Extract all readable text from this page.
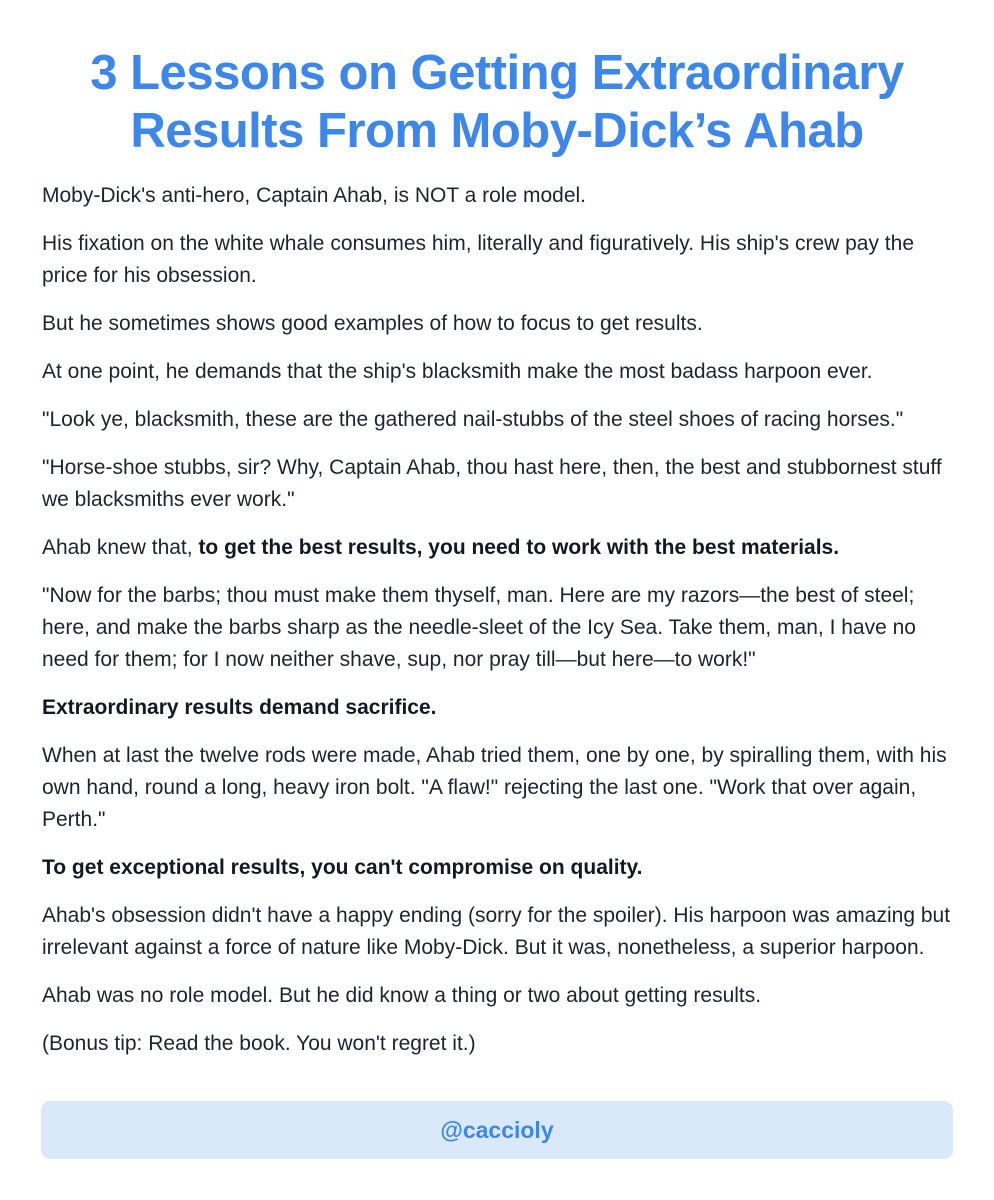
3 Lessons on Getting Extraordinary
Results From Moby-Dick’s Ahab

Moby-Dick's anti-hero, Captain Ahab, is NOT a role model.

His fixation on the white whale consumes him, literally and figuratively. His ship's crew pay the price for his obsession.

But he sometimes shows good examples of how to focus to get results.

At one point, he demands that the ship's blacksmith make the most badass harpoon ever.

"Look ye, blacksmith, these are the gathered nail-stubbs of the steel shoes of racing horses."

"Horse-shoe stubbs, sir? Why, Captain Ahab, thou hast here, then, the best and stubbornest stuff we blacksmiths ever work."

Ahab knew that, to get the best results, you need to work with the best materials.

"Now for the barbs; thou must make them thyself, man. Here are my razors—the best of steel; here, and make the barbs sharp as the needle-sleet of the Icy Sea. Take them, man, I have no need for them; for I now neither shave, sup, nor pray till—but here—to work!"

Extraordinary results demand sacrifice.

When at last the twelve rods were made, Ahab tried them, one by one, by spiralling them, with his own hand, round a long, heavy iron bolt. "A flaw!" rejecting the last one. "Work that over again, Perth."

To get exceptional results, you can't compromise on quality.

Ahab's obsession didn't have a happy ending (sorry for the spoiler). His harpoon was amazing but irrelevant against a force of nature like Moby-Dick. But it was, nonetheless, a superior harpoon.

Ahab was no role model. But he did know a thing or two about getting results.

(Bonus tip: Read the book. You won't regret it.)

@caccioly
